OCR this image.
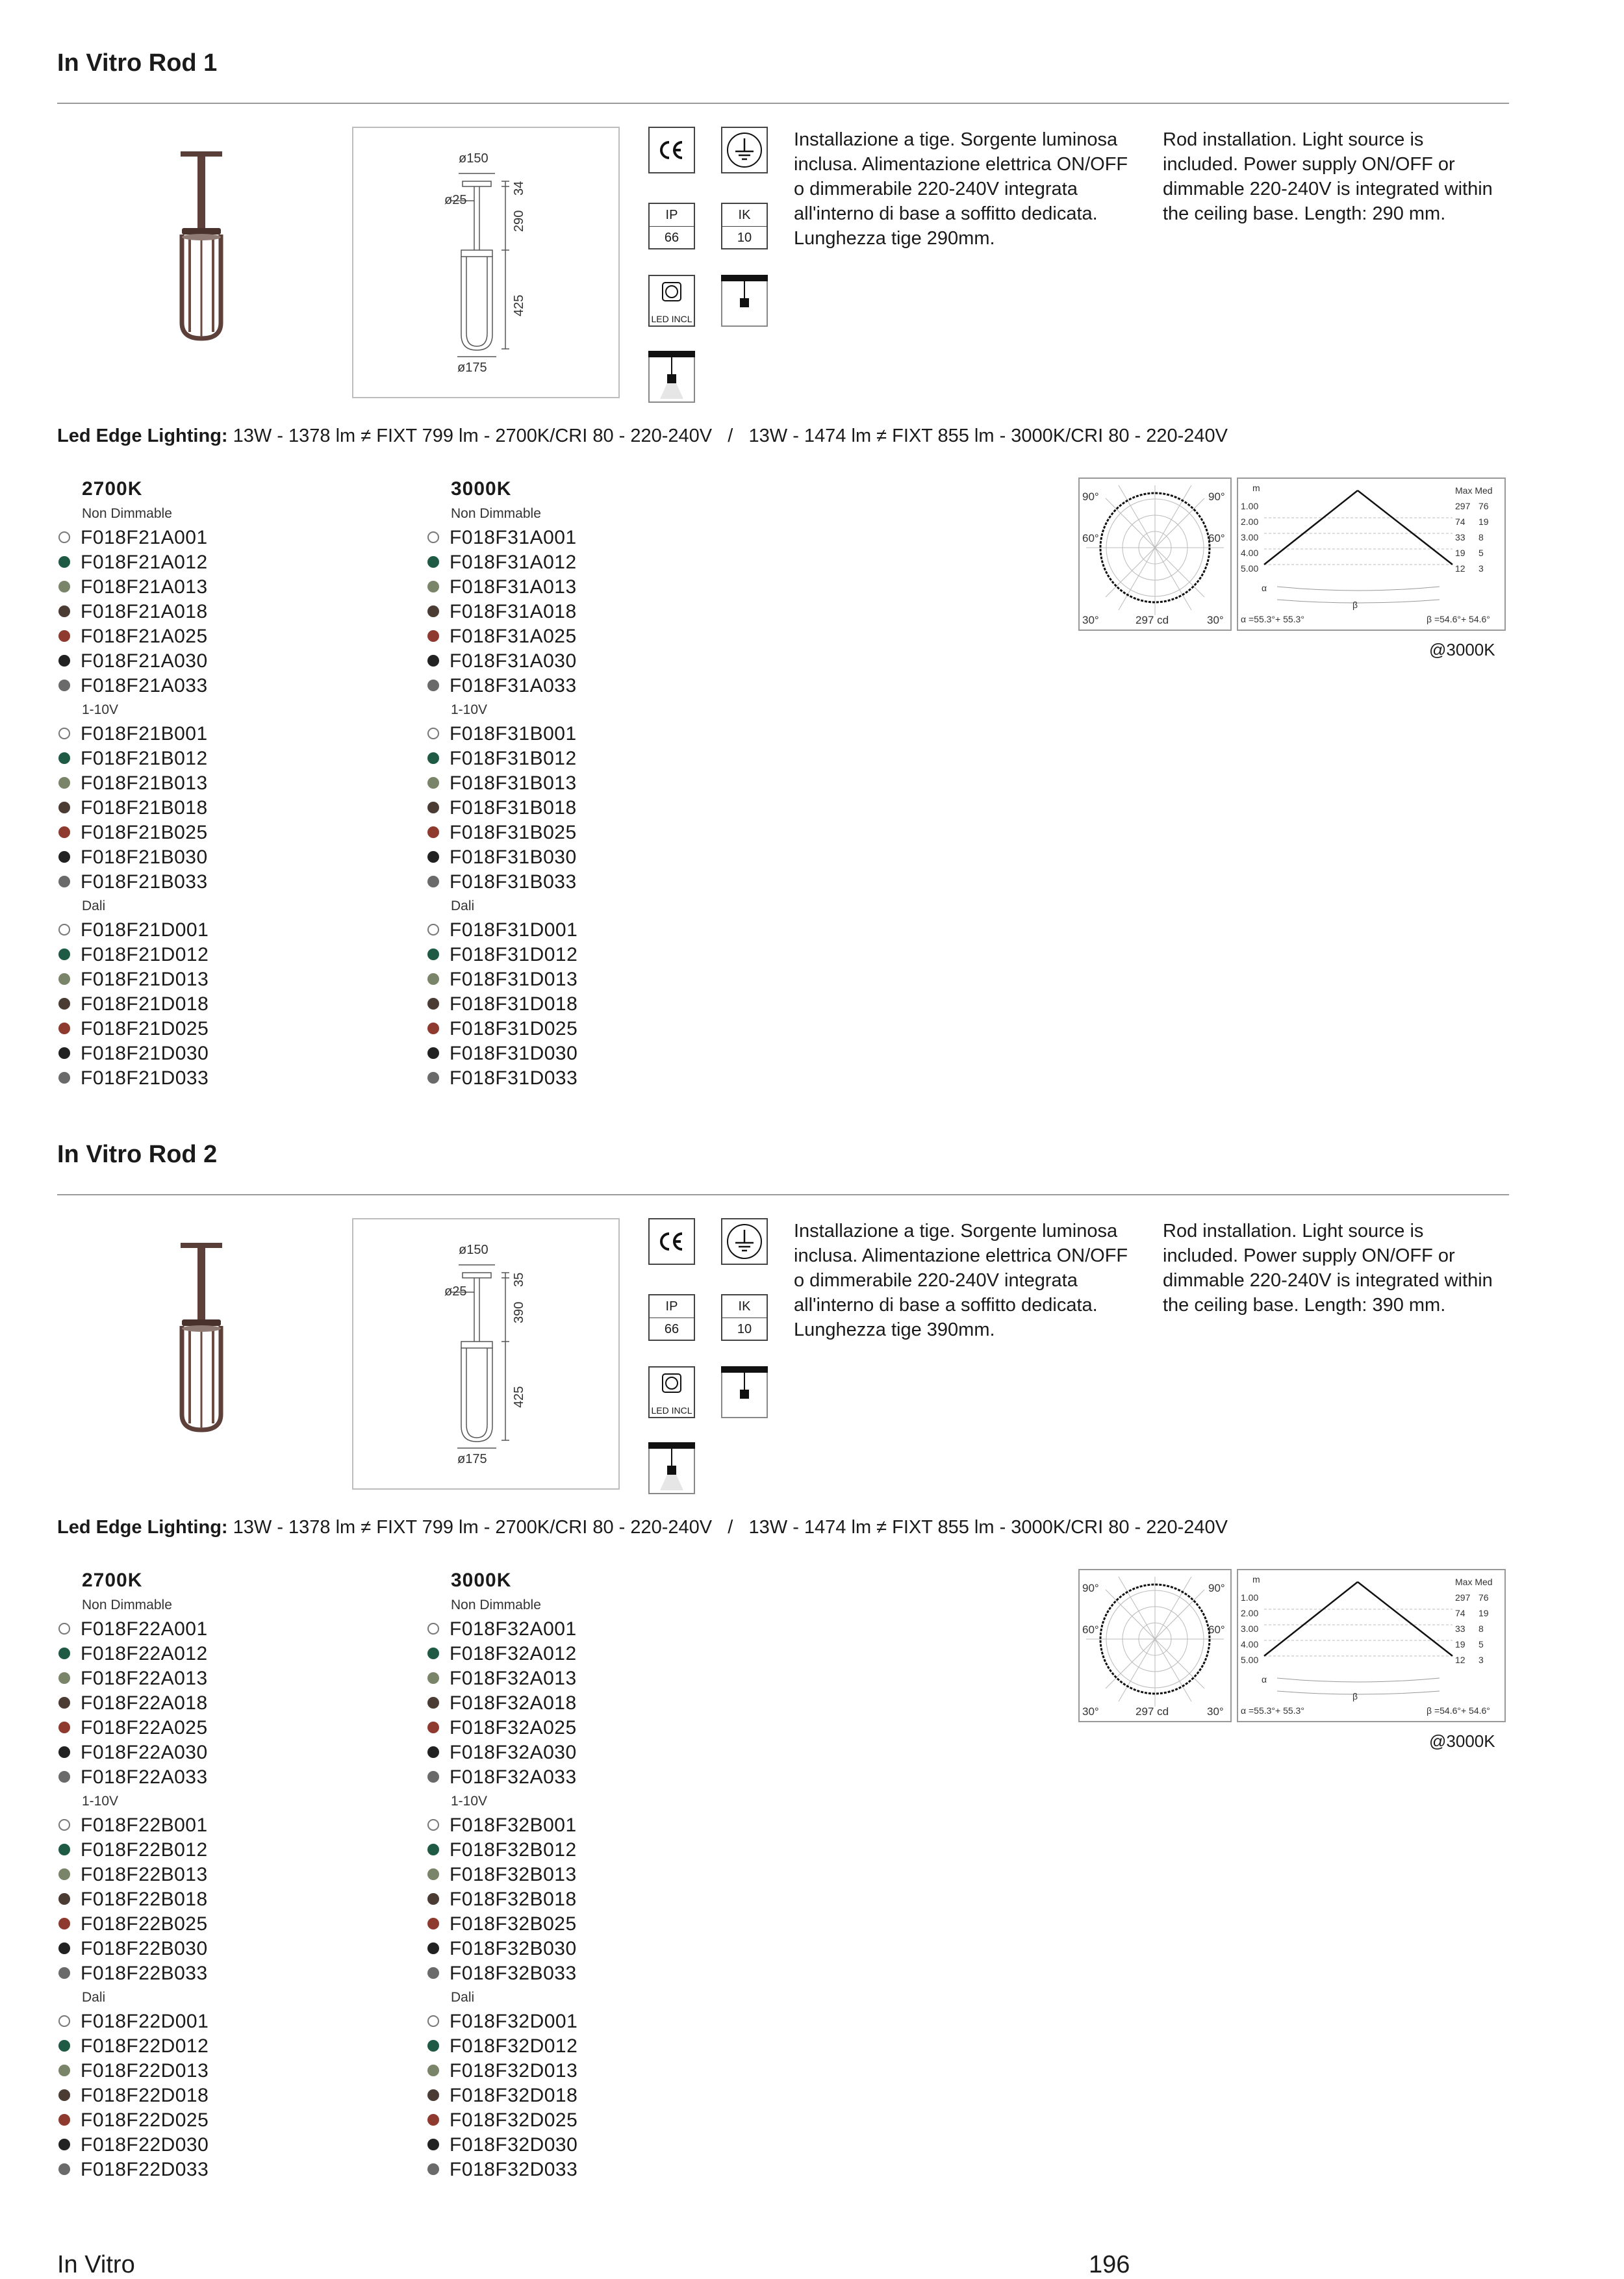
In Vitro Rod 1
ø150
ø25
34
290
425
ø175
IP
66
IK
10
LED INCL
Installazione a tige. Sorgente luminosa inclusa. Alimentazione elettrica ON/OFF o dimmerabile 220-240V integrata all'interno di base a soffitto dedicata. Lunghezza tige 290mm.
Rod installation. Light source is included. Power supply ON/OFF or dimmable 220-240V is integrated within the ceiling base. Length: 290 mm.
Led Edge Lighting: 13W - 1378 lm ≠ FIXT 799 lm - 2700K/CRI 80 - 220-240V   /   13W - 1474 lm ≠ FIXT 855 lm - 3000K/CRI 80 - 220-240V
2700K
Non Dimmable
F018F21A001
F018F21A012
F018F21A013
F018F21A018
F018F21A025
F018F21A030
F018F21A033
1-10V
F018F21B001
F018F21B012
F018F21B013
F018F21B018
F018F21B025
F018F21B030
F018F21B033
Dali
F018F21D001
F018F21D012
F018F21D013
F018F21D018
F018F21D025
F018F21D030
F018F21D033
3000K
Non Dimmable
F018F31A001
F018F31A012
F018F31A013
F018F31A018
F018F31A025
F018F31A030
F018F31A033
1-10V
F018F31B001
F018F31B012
F018F31B013
F018F31B018
F018F31B025
F018F31B030
F018F31B033
Dali
F018F31D001
F018F31D012
F018F31D013
F018F31D018
F018F31D025
F018F31D030
F018F31D033
90°	90°
60°	60°
30°	30°
297 cd
m	Max Med
1.00	297 76
2.00	74 19
3.00	33 8
4.00	19 5
5.00	12 3
α
β
α =55.3°+ 55.3°	β =54.6°+ 54.6°
@3000K
In Vitro Rod 2
ø150
ø25
35
390
425
ø175
IP
66
IK
10
LED INCL
Installazione a tige. Sorgente luminosa inclusa. Alimentazione elettrica ON/OFF o dimmerabile 220-240V integrata all'interno di base a soffitto dedicata. Lunghezza tige 390mm.
Rod installation. Light source is included. Power supply ON/OFF or dimmable 220-240V is integrated within the ceiling base. Length: 390 mm.
Led Edge Lighting: 13W - 1378 lm ≠ FIXT 799 lm - 2700K/CRI 80 - 220-240V   /   13W - 1474 lm ≠ FIXT 855 lm - 3000K/CRI 80 - 220-240V
2700K
Non Dimmable
F018F22A001
F018F22A012
F018F22A013
F018F22A018
F018F22A025
F018F22A030
F018F22A033
1-10V
F018F22B001
F018F22B012
F018F22B013
F018F22B018
F018F22B025
F018F22B030
F018F22B033
Dali
F018F22D001
F018F22D012
F018F22D013
F018F22D018
F018F22D025
F018F22D030
F018F22D033
3000K
Non Dimmable
F018F32A001
F018F32A012
F018F32A013
F018F32A018
F018F32A025
F018F32A030
F018F32A033
1-10V
F018F32B001
F018F32B012
F018F32B013
F018F32B018
F018F32B025
F018F32B030
F018F32B033
Dali
F018F32D001
F018F32D012
F018F32D013
F018F32D018
F018F32D025
F018F32D030
F018F32D033
90°	90°
60°	60°
30°	30°
297 cd
m	Max Med
1.00	297 76
2.00	74 19
3.00	33 8
4.00	19 5
5.00	12 3
α
β
α =55.3°+ 55.3°	β =54.6°+ 54.6°
@3000K
In Vitro	196
